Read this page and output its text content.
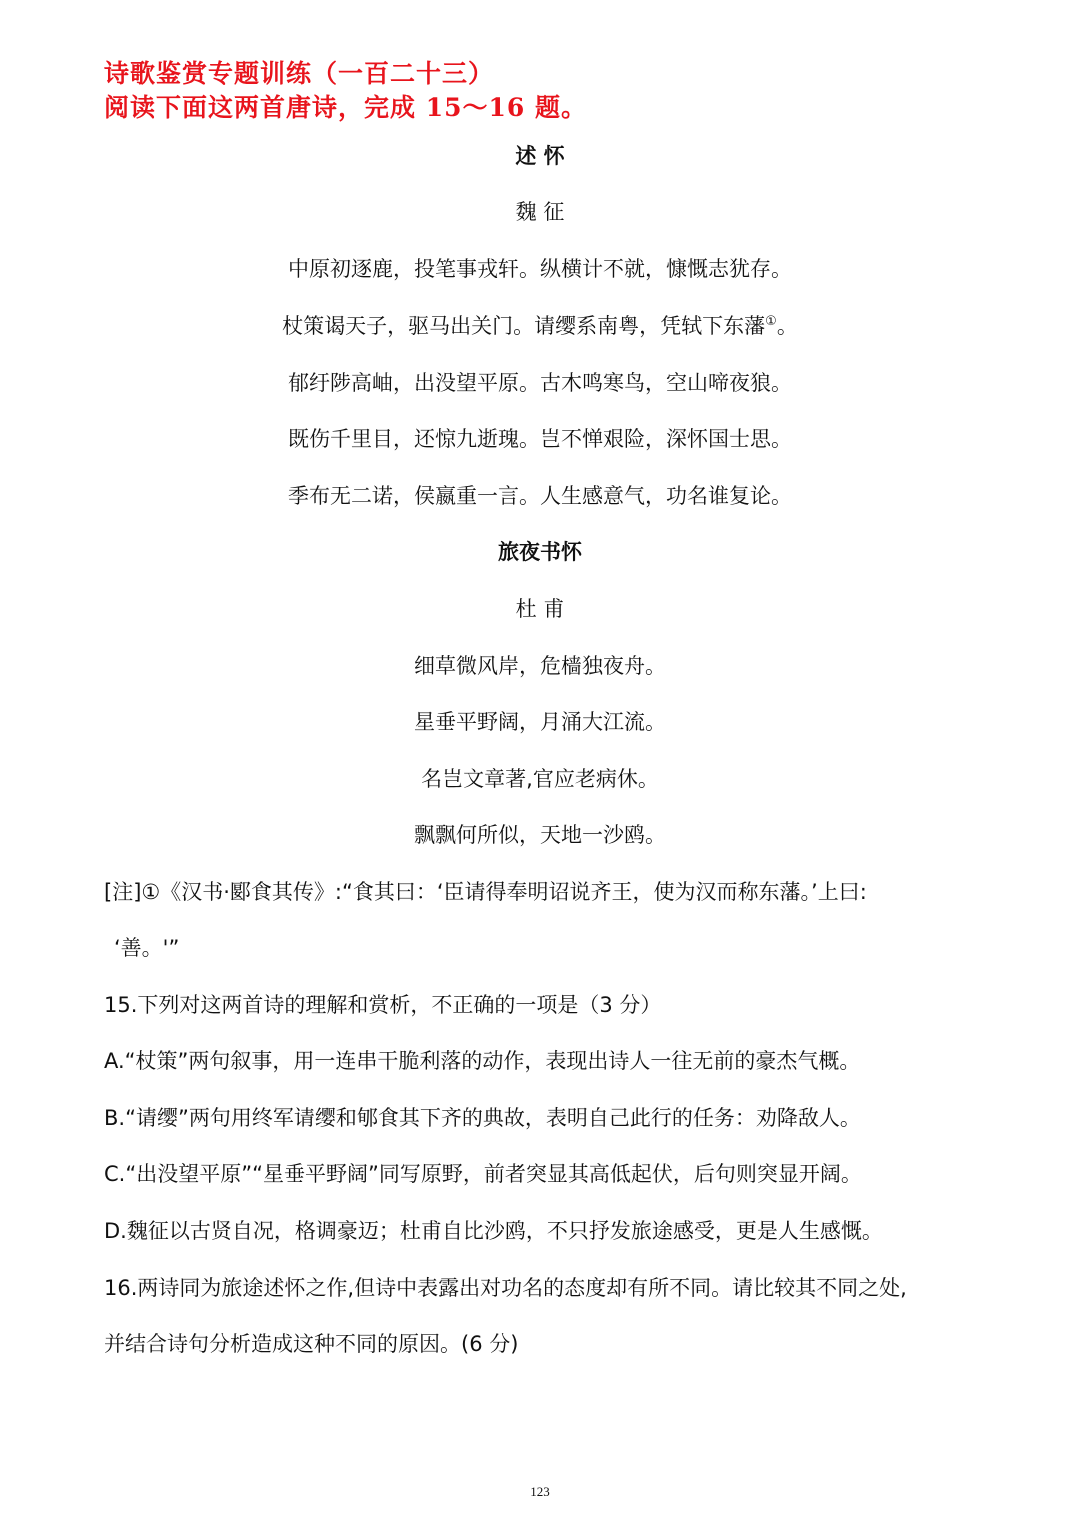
诗歌鉴赏专题训练（一百二十三）
阅读下面这两首唐诗，完成 15～16 题。
述 怀
魏 征
中原初逐鹿，投笔事戎轩。纵横计不就，慷慨志犹存。
杖策谒天子，驱马出关门。请缨系南粤，凭轼下东藩①。
郁纡陟高岫，出没望平原。古木鸣寒鸟，空山啼夜狼。
既伤千里目，还惊九逝瑰。岂不惮艰险，深怀国士思。
季布无二诺，侯嬴重一言。人生感意气，功名谁复论。
旅夜书怀
杜 甫
细草微风岸，危樯独夜舟。
星垂平野阔，月涌大江流。
名岂文章著,官应老病休。
飘飘何所似，天地一沙鸥。
[注]①《汉书·郾食其传》:“食其曰：‘臣请得奉明诏说齐王，使为汉而称东藩。’上曰:
‘善。'”
15.下列对这两首诗的理解和赏析，不正确的一项是（3 分）
A.“杖策”两句叙事，用一连串干脆利落的动作，表现出诗人一往无前的豪杰气概。
B.“请缨”两句用终军请缨和郇食其下齐的典故，表明自己此行的任务：劝降敌人。
C.“出没望平原”“星垂平野阔”同写原野，前者突显其高低起伏，后句则突显开阔。
D.魏征以古贤自况，格调豪迈；杜甫自比沙鸥，不只抒发旅途感受，更是人生感慨。
16.两诗同为旅途述怀之作,但诗中表露出对功名的态度却有所不同。请比较其不同之处,
并结合诗句分析造成这种不同的原因。(6 分)
123
